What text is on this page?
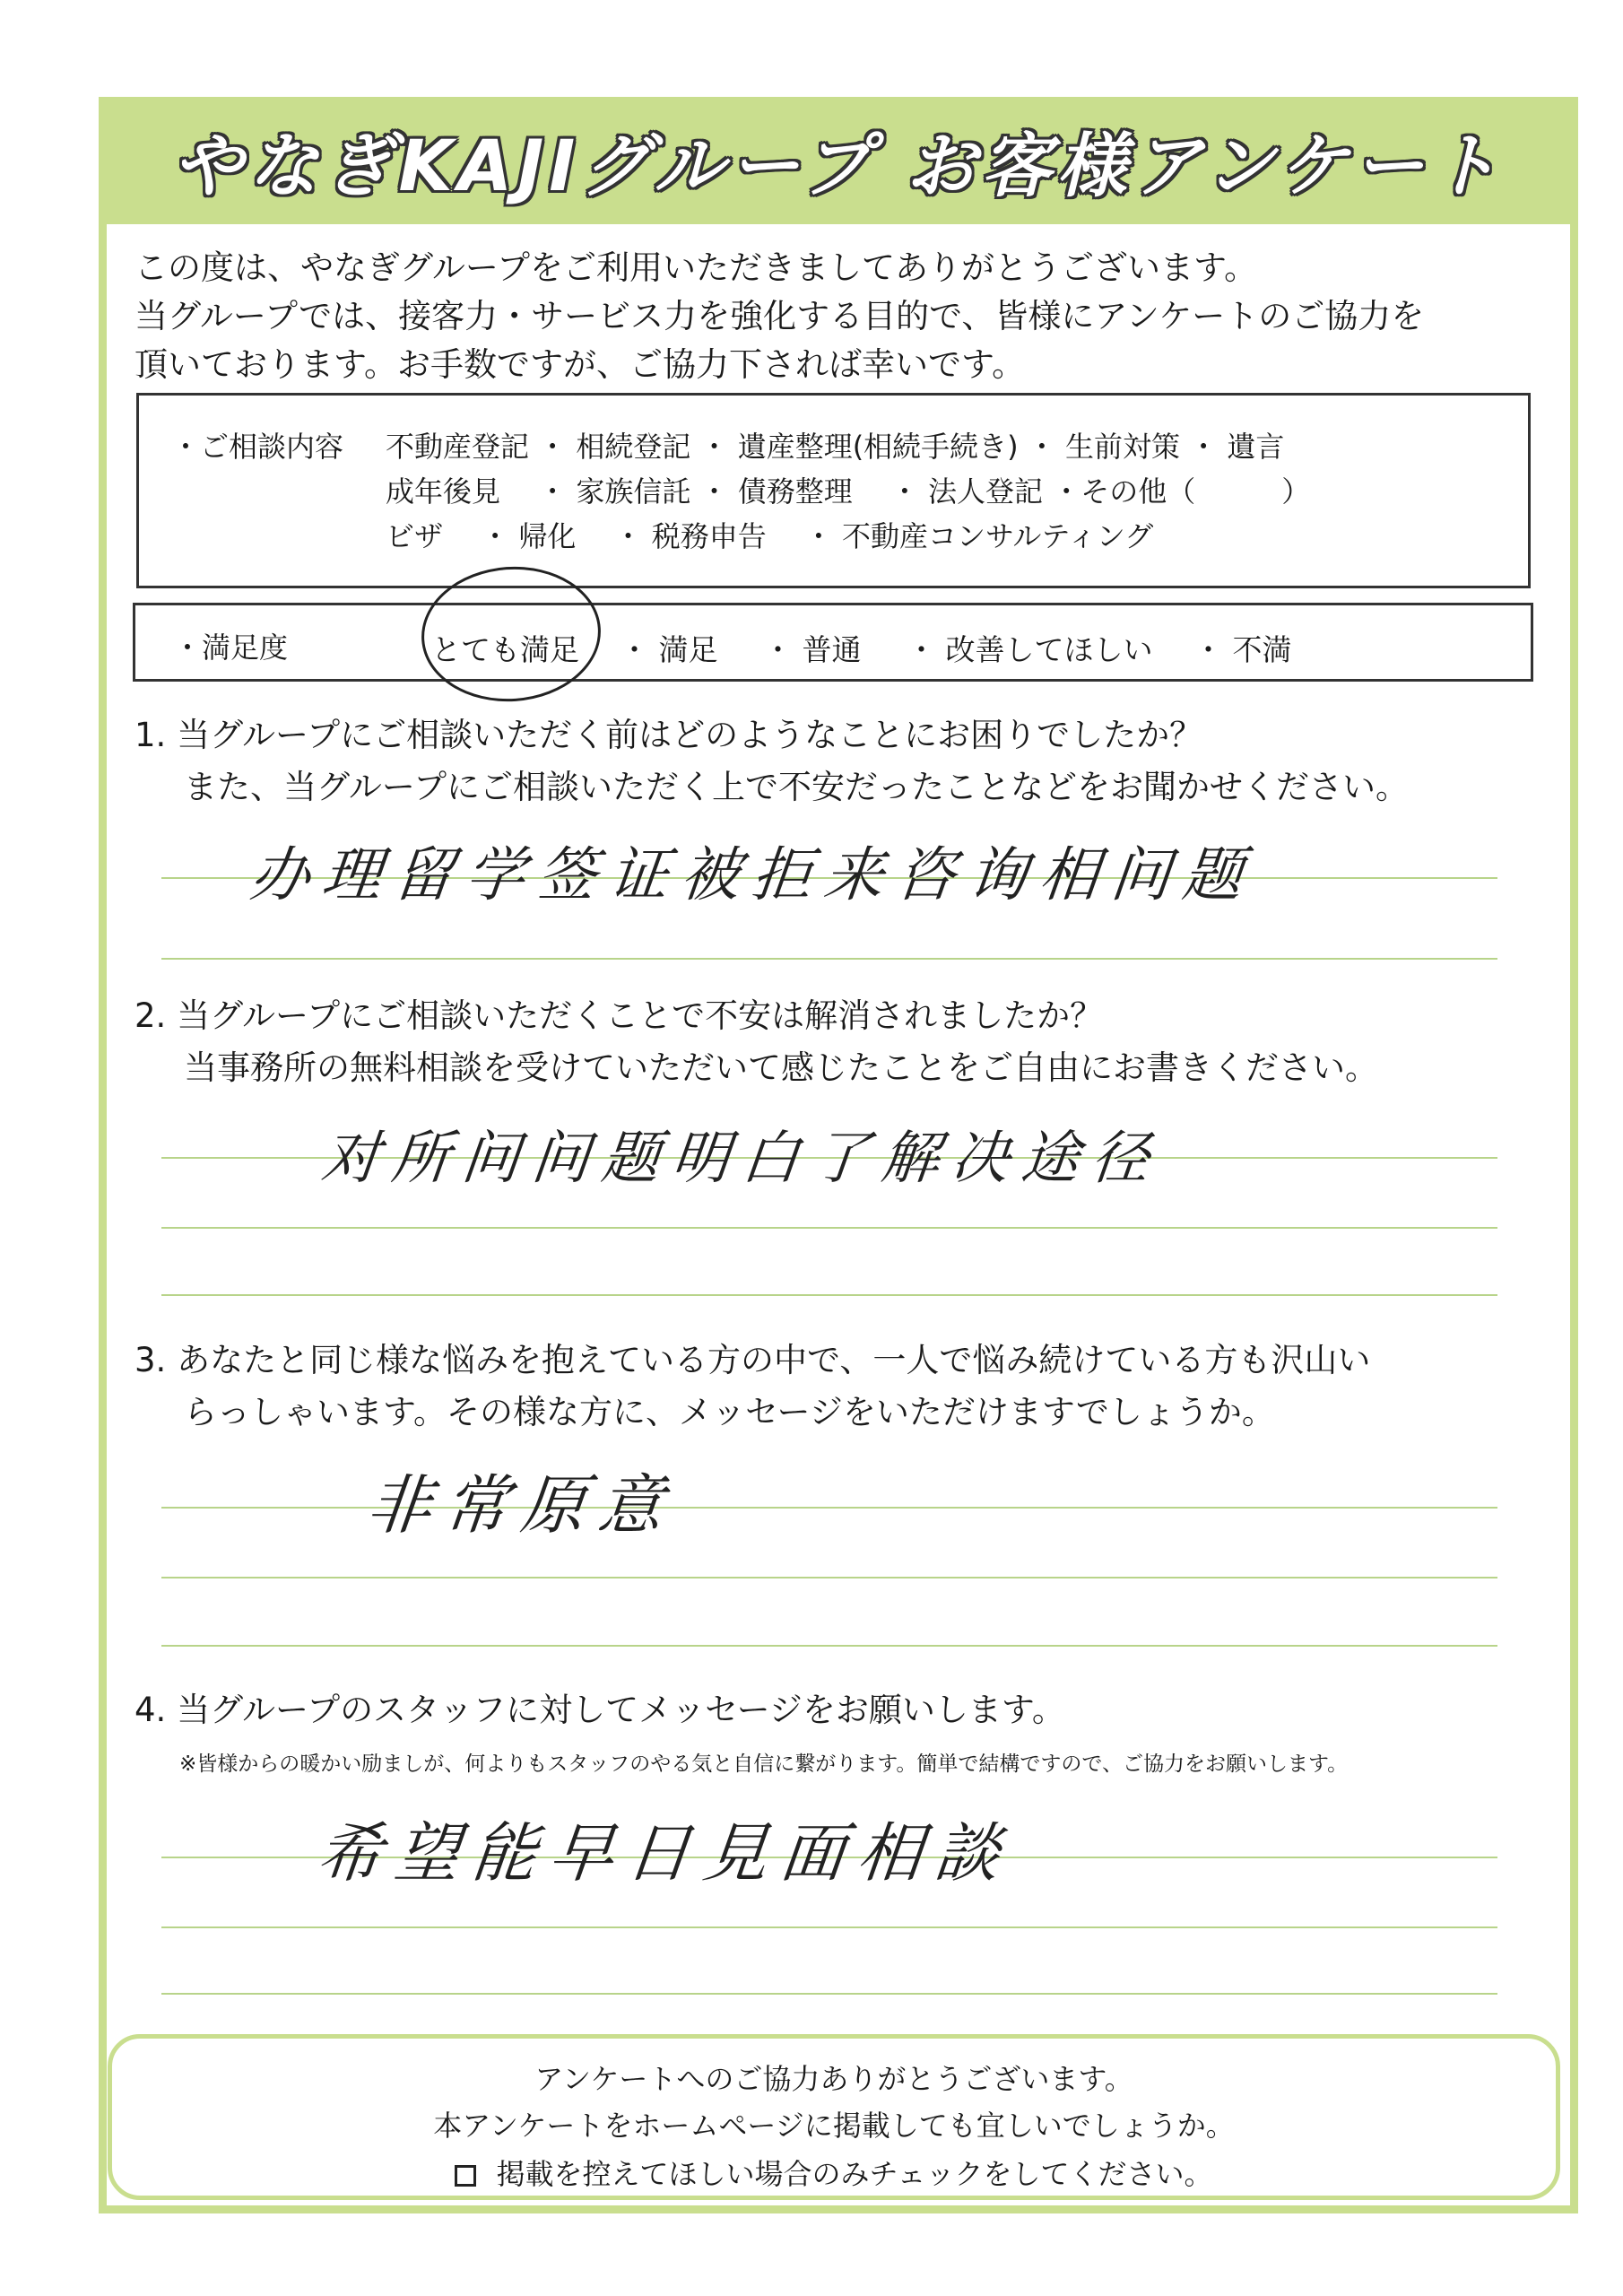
やなぎKAJIグループ お客様アンケート
この度は、やなぎグループをご利用いただきましてありがとうございます。
当グループでは、接客力・サービス力を強化する目的で、皆様にアンケートのご協力を
頂いております。お手数ですが、ご協力下されば幸いです。
・ご相談内容 不動産登記 ・ 相続登記 ・ 遺産整理(相続手続き) ・ 生前対策 ・ 遺言
成年後見　 ・ 家族信託 ・ 債務整理　 ・ 法人登記 ・その他（　　　）
ビザ　 ・ 帰化　 ・ 税務申告　 ・ 不動産コンサルティング
・満足度	とても満足 ・ 満足 ・ 普通 ・ 改善してほしい ・ 不満
1. 当グループにご相談いただく前はどのようなことにお困りでしたか？
また、当グループにご相談いただく上で不安だったことなどをお聞かせください。
办理留学签证被拒来咨询相问题
2. 当グループにご相談いただくことで不安は解消されましたか？
当事務所の無料相談を受けていただいて感じたことをご自由にお書きください。
对所问问题明白了解决途径
3. あなたと同じ様な悩みを抱えている方の中で、一人で悩み続けている方も沢山い
らっしゃいます。その様な方に、メッセージをいただけますでしょうか。
非常原意
4. 当グループのスタッフに対してメッセージをお願いします。
※皆様からの暖かい励ましが、何よりもスタッフのやる気と自信に繋がります。簡単で結構ですので、ご協力をお願いします。
希望能早日見面相談
アンケートへのご協力ありがとうございます。
本アンケートをホームページに掲載しても宜しいでしょうか。
掲載を控えてほしい場合のみチェックをしてください。
